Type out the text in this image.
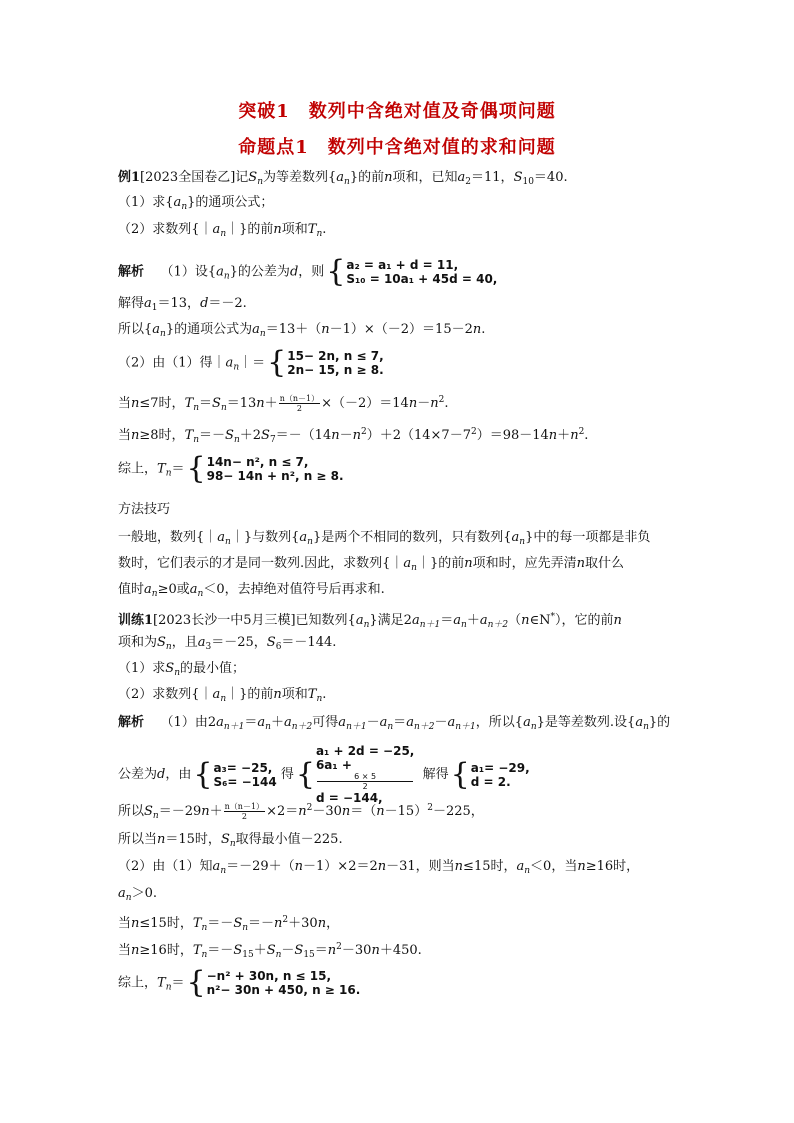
突破1　数列中含绝对值及奇偶项问题
命题点1　数列中含绝对值的求和问题
例1[2023全国卷乙]记$S_n$为等差数列$\{a_n\}$的前n项和，已知$a_2=11$，$S_{10}=40$.
（1）求$\{a_n\}$的通项公式；
（2）求数列$\{|a_n|\}$的前n项和$T_n$.
解析 （1）设$\{a_n\}$的公差为d，则{ a₂ = a₁ + d = 11,
S₁₀ = 10a₁ + 45d = 40,
解得$a_1=13$，d＝－2.
所以$\{a_n\}$的通项公式为$a_n=13+(n-1)\times(-2)=15-2n$.
（2）由（1）得$|a_n|=${ 15− 2n, n ≤ 7,
2n− 15, n ≥ 8.
当n≤7时，$T_n=S_n=13n+ \frac{n(n-1)}{2} \times(-2)=14n-n^2$.
当n≥8时，$T_n=-S_n+2S_7=-(14n-n^2)+2(14\times 7-7^2)=98-14n+n^2$.
综上，$T_n=${ 14n− n², n ≤ 7,
98− 14n + n², n ≥ 8.
方法技巧
一般地，数列$\{|a_n|\}$与数列$\{a_n\}$是两个不相同的数列，只有数列$\{a_n\}$中的每一项都是非负
数时，它们表示的才是同一数列.因此，求数列$\{|a_n|\}$的前n项和时，应先弄清n取什么
值时$a_n\ge 0$或$a_n<0$，去掉绝对值符号后再求和.
训练1[2023长沙一中5月三模]已知数列$\{a_n\}$满足$2a_{n+1}=a_n+a_{n+2}(n\in N^*)$，它的前n
项和为$S_n$，且$a_3=-25$，$S_6=-144$.
（1）求$S_n$的最小值；
（2）求数列$\{|a_n|\}$的前n项和$T_n$.
解析 （1）由$2a_{n+1}=a_n+a_{n+2}$可得$a_{n+1}-a_n=a_{n+2}-a_{n+1}$，所以$\{a_n\}$是等差数列.设$\{a_n\}$的
公差为d，由{ a₃= −25,
S₆= −144 得{
a₁ + 2d = −25,
6a₁ +
6 × 5
2
d = −144,
解得{ a₁= −29,
d = 2.
所以$S_n=-29n+ \frac{n(n-1)}{2} \times 2=n^2-30n=(n-15)^2-225$，
所以当n＝15时，$S_n$取得最小值－225.
（2）由（1）知$a_n=-29+(n-1)\times 2=2n-31$，则当n≤15时，$a_n<0$，当n≥16时，
$a_n>0$.
当n≤15时，$T_n=-S_n=-n^2+30n$，
当n≥16时，$T_n=-S_{15}+S_n-S_{15}=n^2-30n+450$.
综上，$T_n=\{ -n^2 + 30n$, n ≤ 15,
n²− 30n + 450, n ≥ 16.
